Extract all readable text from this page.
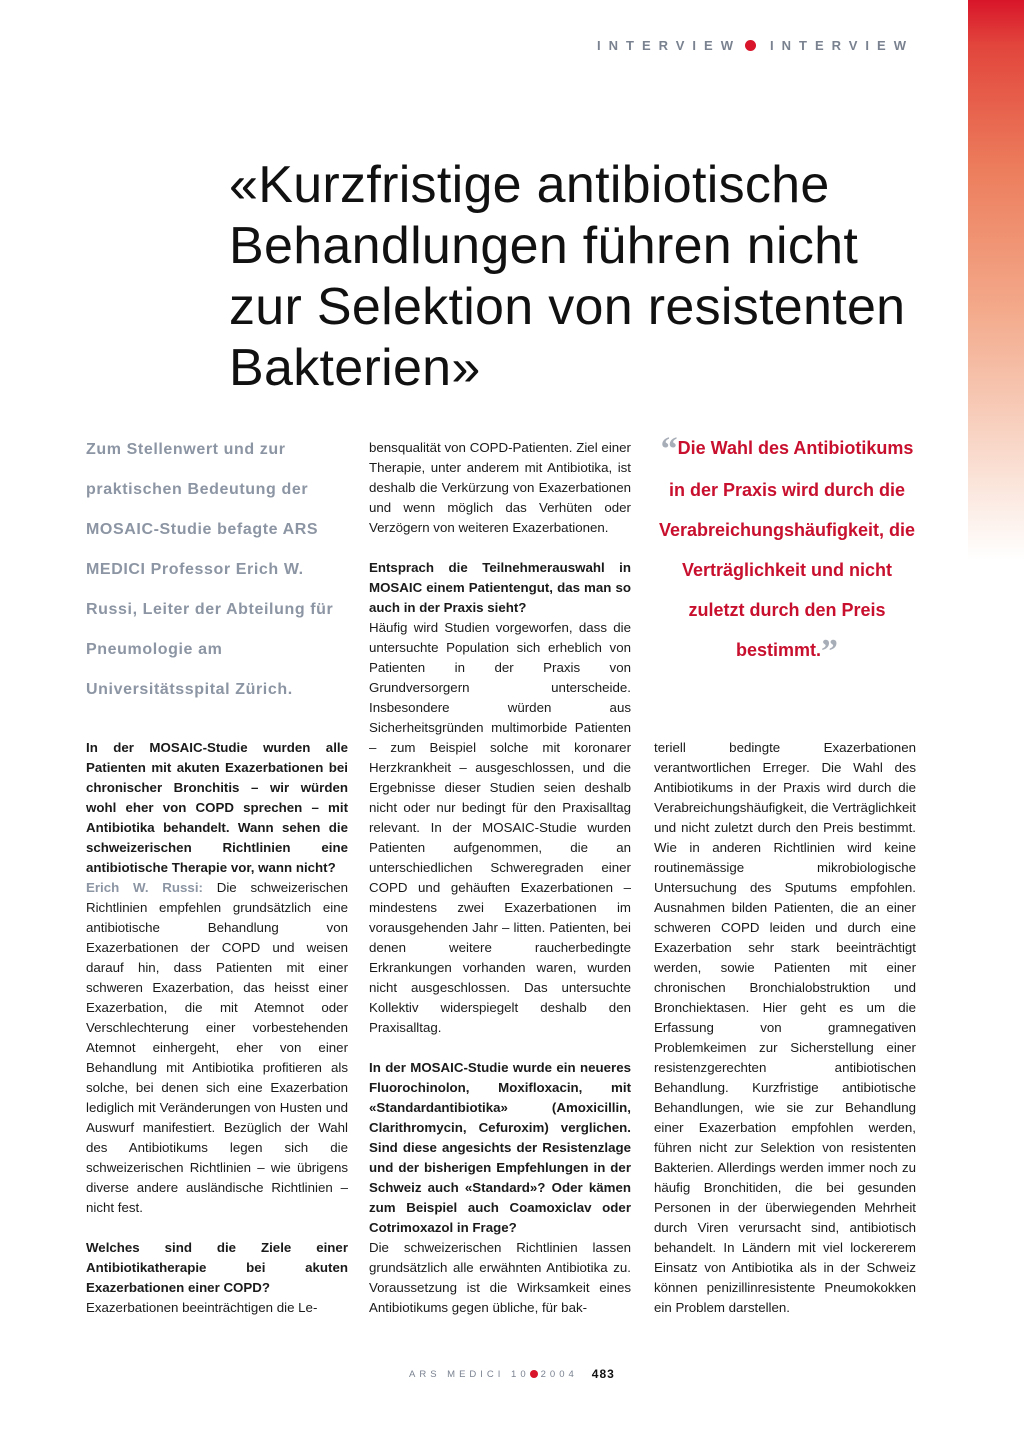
INTERVIEW INTERVIEW
«Kurzfristige antibiotische Behandlungen führen nicht zur Selektion von resistenten Bakterien»
Zum Stellenwert und zur praktischen Bedeutung der MOSAIC-Studie befagte ARS MEDICI Professor Erich W. Russi, Leiter der Abteilung für Pneumologie am Universitätsspital Zürich.
“Die Wahl des Antibiotikums in der Praxis wird durch die Verabreichungshäufigkeit, die Verträglichkeit und nicht zuletzt durch den Preis bestimmt.”

In der MOSAIC-Studie wurden alle Patienten mit akuten Exazerbationen bei chronischer Bronchitis – wir würden wohl eher von COPD sprechen – mit Antibiotika behandelt. Wann sehen die schweizerischen Richtlinien eine antibiotische Therapie vor, wann nicht?

Erich W. Russi: Die schweizerischen Richtlinien empfehlen grundsätzlich eine antibiotische Behandlung von Exazerbationen der COPD und weisen darauf hin, dass Patienten mit einer schweren Exazerbation, das heisst einer Exazerbation, die mit Atemnot oder Verschlechterung einer vorbestehenden Atemnot einhergeht, eher von einer Behandlung mit Antibiotika profitieren als solche, bei denen sich eine Exazerbation lediglich mit Veränderungen von Husten und Auswurf manifestiert. Bezüglich der Wahl des Antibiotikums legen sich die schweizerischen Richtlinien – wie übrigens diverse andere ausländische Richtlinien – nicht fest.

Welches sind die Ziele einer Antibiotikatherapie bei akuten Exazerbationen einer COPD?

Exazerbationen beeinträchtigen die Le-

bensqualität von COPD-Patienten. Ziel einer Therapie, unter anderem mit Antibiotika, ist deshalb die Verkürzung von Exazerbationen und wenn möglich das Verhüten oder Verzögern von weiteren Exazerbationen.

Entsprach die Teilnehmerauswahl in MOSAIC einem Patientengut, das man so auch in der Praxis sieht?

Häufig wird Studien vorgeworfen, dass die untersuchte Population sich erheblich von Patienten in der Praxis von Grundversorgern unterscheide. Insbesondere würden aus Sicherheitsgründen multimorbide Patienten – zum Beispiel solche mit koronarer Herzkrankheit – ausgeschlossen, und die Ergebnisse dieser Studien seien deshalb nicht oder nur bedingt für den Praxisalltag relevant. In der MOSAIC-Studie wurden Patienten aufgenommen, die an unterschiedlichen Schweregraden einer COPD und gehäuften Exazerbationen – mindestens zwei Exazerbationen im vorausgehenden Jahr – litten. Patienten, bei denen weitere raucherbedingte Erkrankungen vorhanden waren, wurden nicht ausgeschlossen. Das untersuchte Kollektiv widerspiegelt deshalb den Praxisalltag.

In der MOSAIC-Studie wurde ein neueres Fluorochinolon, Moxifloxacin, mit «Standardantibiotika» (Amoxicillin, Clarithromycin, Cefuroxim) verglichen. Sind diese angesichts der Resistenzlage und der bisherigen Empfehlungen in der Schweiz auch «Standard»? Oder kämen zum Beispiel auch Coamoxiclav oder Cotrimoxazol in Frage?

Die schweizerischen Richtlinien lassen grundsätzlich alle erwähnten Antibiotika zu. Voraussetzung ist die Wirksamkeit eines Antibiotikums gegen übliche, für bak-

teriell bedingte Exazerbationen verantwortlichen Erreger. Die Wahl des Antibiotikums in der Praxis wird durch die Verabreichungshäufigkeit, die Verträglichkeit und nicht zuletzt durch den Preis bestimmt. Wie in anderen Richtlinien wird keine routinemässige mikrobiologische Untersuchung des Sputums empfohlen. Ausnahmen bilden Patienten, die an einer schweren COPD leiden und durch eine Exazerbation sehr stark beeinträchtigt werden, sowie Patienten mit einer chronischen Bronchialobstruktion und Bronchiektasen. Hier geht es um die Erfassung von gramnegativen Problemkeimen zur Sicherstellung einer resistenzgerechten antibiotischen Behandlung. Kurzfristige antibiotische Behandlungen, wie sie zur Behandlung einer Exazerbation empfohlen werden, führen nicht zur Selektion von resistenten Bakterien. Allerdings werden immer noch zu häufig Bronchitiden, die bei gesunden Personen in der überwiegenden Mehrheit durch Viren verursacht sind, antibiotisch behandelt. In Ländern mit viel lockererem Einsatz von Antibiotika als in der Schweiz können penizillinresistente Pneumokokken ein Problem darstellen.

ARS MEDICI 10 2004 483
